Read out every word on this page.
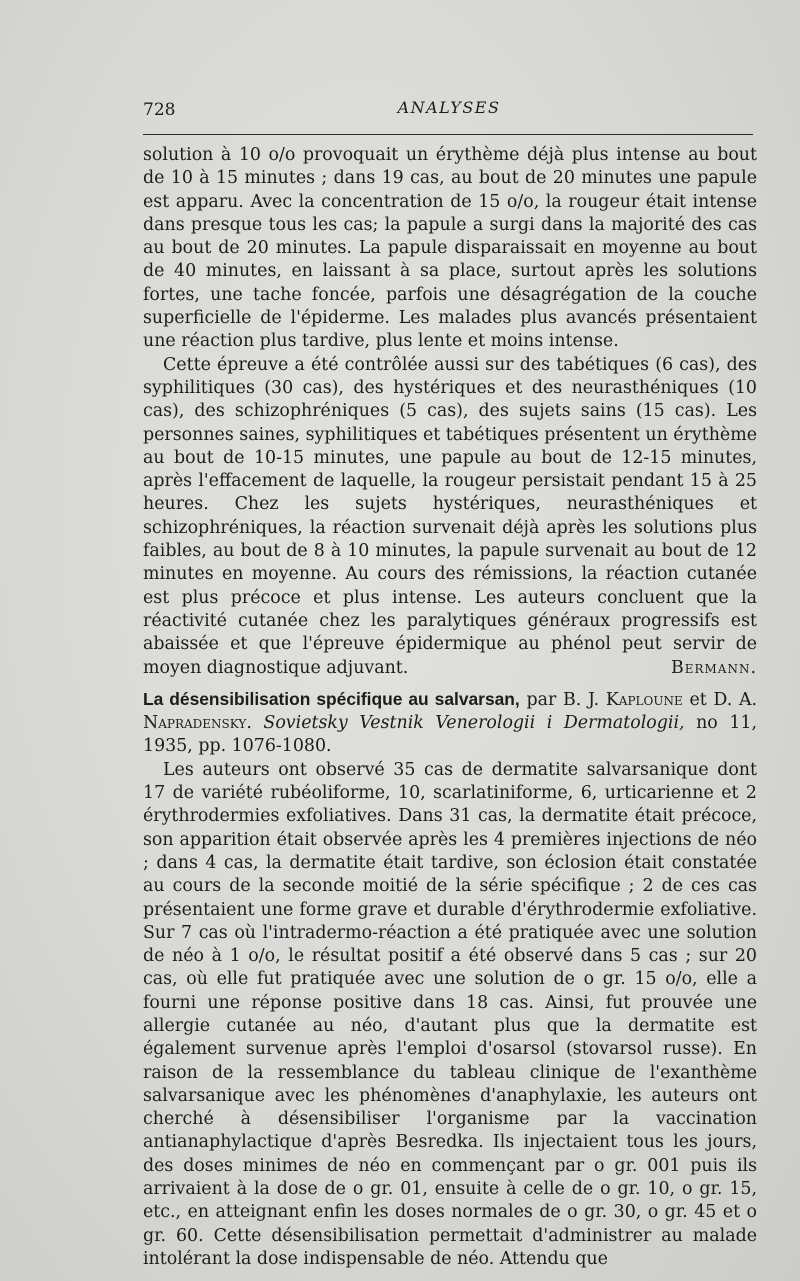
728	ANALYSES

solution à 10 o/o provoquait un érythème déjà plus intense au bout de 10 à 15 minutes ; dans 19 cas, au bout de 20 minutes une papule est apparu. Avec la concentration de 15 o/o, la rougeur était intense dans presque tous les cas; la papule a surgi dans la majorité des cas au bout de 20 minutes. La papule disparaissait en moyenne au bout de 40 minutes, en laissant à sa place, surtout après les solutions fortes, une tache foncée, parfois une désagrégation de la couche superficielle de l'épiderme. Les malades plus avancés présentaient une réaction plus tardive, plus lente et moins intense.

Cette épreuve a été contrôlée aussi sur des tabétiques (6 cas), des syphilitiques (30 cas), des hystériques et des neurasthéniques (10 cas), des schizophréniques (5 cas), des sujets sains (15 cas). Les personnes saines, syphilitiques et tabétiques présentent un érythème au bout de 10-15 minutes, une papule au bout de 12-15 minutes, après l'effacement de laquelle, la rougeur persistait pendant 15 à 25 heures. Chez les sujets hystériques, neurasthéniques et schizophréniques, la réaction survenait déjà après les solutions plus faibles, au bout de 8 à 10 minutes, la papule survenait au bout de 12 minutes en moyenne. Au cours des rémissions, la réaction cutanée est plus précoce et plus intense. Les auteurs concluent que la réactivité cutanée chez les paralytiques généraux progressifs est abaissée et que l'épreuve épidermique au phénol peut servir de moyen diagnostique adjuvant.	Bermann.

La désensibilisation spécifique au salvarsan, par B. J. Kaploune et D. A. Napradensky. Sovietsky Vestnik Venerologii i Dermatologii, no 11, 1935, pp. 1076-1080.

Les auteurs ont observé 35 cas de dermatite salvarsanique dont 17 de variété rubéoliforme, 10, scarlatiniforme, 6, urticarienne et 2 érythrodermies exfoliatives. Dans 31 cas, la dermatite était précoce, son apparition était observée après les 4 premières injections de néo ; dans 4 cas, la dermatite était tardive, son éclosion était constatée au cours de la seconde moitié de la série spécifique ; 2 de ces cas présentaient une forme grave et durable d'érythrodermie exfoliative. Sur 7 cas où l'intradermo-réaction a été pratiquée avec une solution de néo à 1 o/o, le résultat positif a été observé dans 5 cas ; sur 20 cas, où elle fut pratiquée avec une solution de o gr. 15 o/o, elle a fourni une réponse positive dans 18 cas. Ainsi, fut prouvée une allergie cutanée au néo, d'autant plus que la dermatite est également survenue après l'emploi d'osarsol (stovarsol russe). En raison de la ressemblance du tableau clinique de l'exanthème salvarsanique avec les phénomènes d'anaphylaxie, les auteurs ont cherché à désensibiliser l'organisme par la vaccination antianaphylactique d'après Besredka. Ils injectaient tous les jours, des doses minimes de néo en commençant par o gr. 001 puis ils arrivaient à la dose de o gr. 01, ensuite à celle de o gr. 10, o gr. 15, etc., en atteignant enfin les doses normales de o gr. 30, o gr. 45 et o gr. 60. Cette désensibilisation permettait d'administrer au malade intolérant la dose indispensable de néo. Attendu que
